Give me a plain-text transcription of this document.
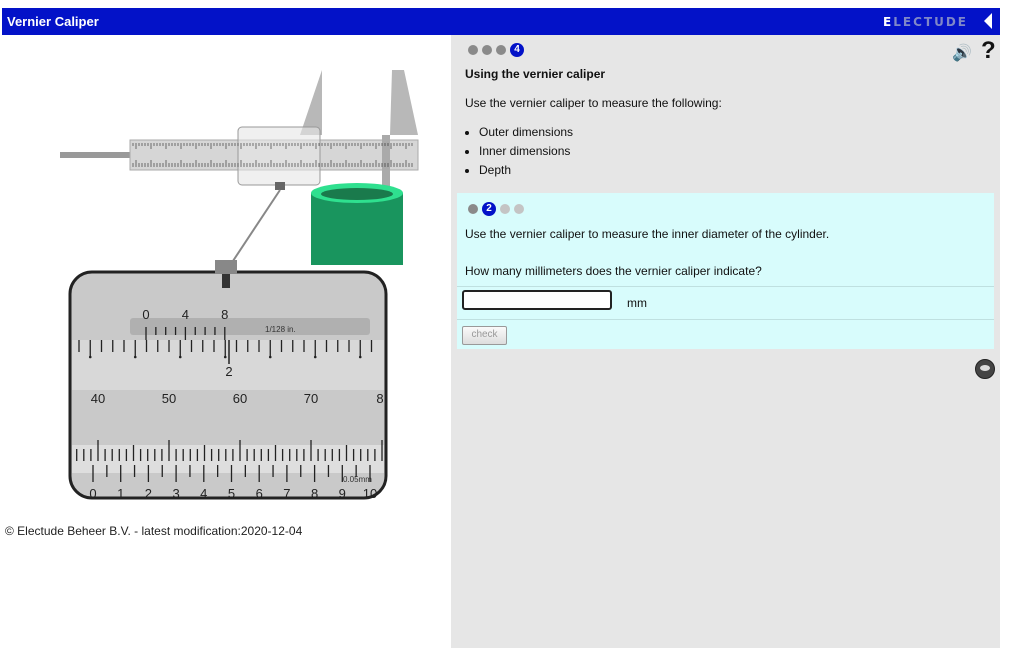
Vernier Caliper	ELECTUDE
2
0 4 8
40	50	60	70	8
0 1 2 3 4 5 6 7 8 9 10
1/128 in.
0.05mm
© Electude Beheer B.V. - latest modification:2020-12-04
4	🔊 ?
Using the vernier caliper
Use the vernier caliper to measure the following:
• Outer dimensions
• Inner dimensions
• Depth
2
Use the vernier caliper to measure the inner diameter of the cylinder.
How many millimeters does the vernier caliper indicate?
mm
check
